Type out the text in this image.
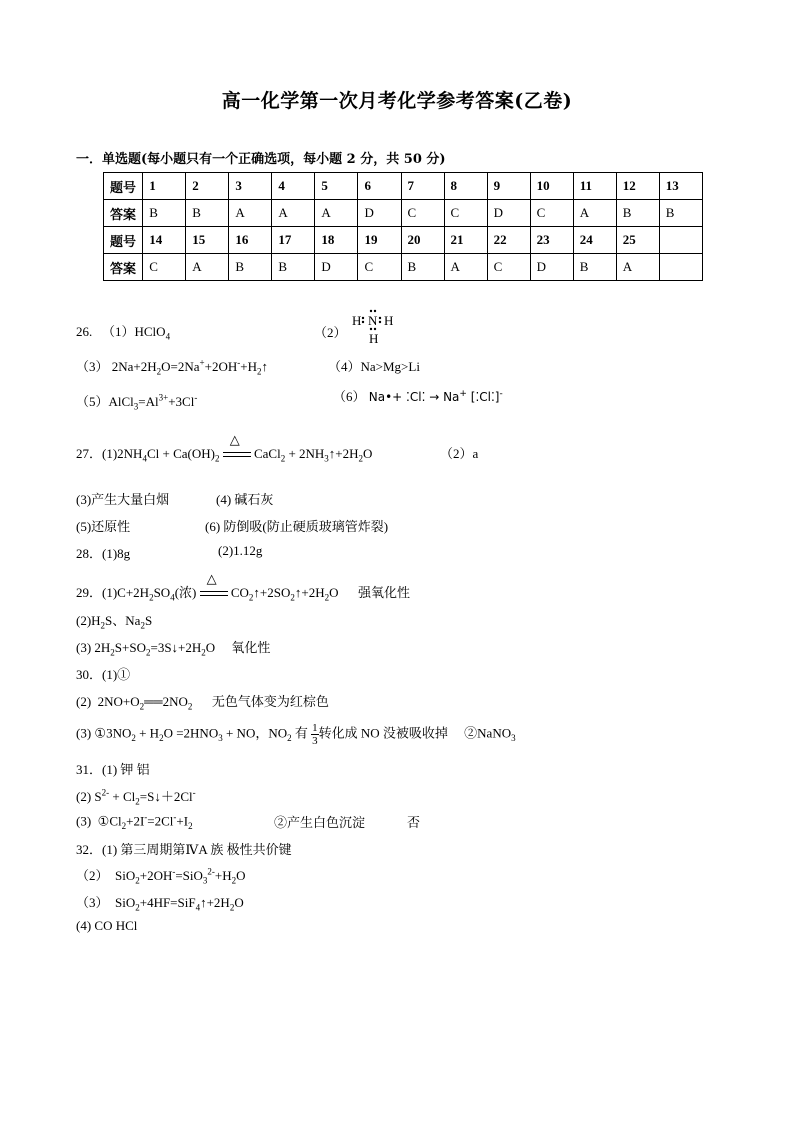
高一化学第一次月考化学参考答案(乙卷)
一．单选题(每小题只有一个正确选项，每小题 2 分，共 50 分)
题号	1	2	3	4	5	6	7	8	9	10	11	12	13
答案	B	B	A	A	A	D	C	C	D	C	A	B	B
题号	14	15	16	17	18	19	20	21	22	23	24	25	
答案	C	A	B	B	D	C	B	A	C	D	B	A	
26. （1）HClO$_4$	（2）
H N H
H
（3） $2Na+2H_2O=2Na^++2OH^-+H_2↑$	（4）Na>Mg>Li
$(5)AlCl_3=Al^{3+}+3Cl^-$	（6） Na•+ ⁚Cl⁚ → Na+ [⁚Cl⁚]-
27．$(1)2NH_4Cl + Ca(OH)_2$
△
CaCl$_2$ + $2NH_3↑+2H_2O$	（2）a
(3)产生大量白烟	(4) 碱石灰
(5)还原性	(6) 防倒吸(防止硬质玻璃管炸裂)
28．(1)8g	(2)1.12g
29．$(1)C+2H_2SO_4$(浓)
△
$CO_2↑+2SO_2↑+2H_2O$      强氧化性
$(2)H_2S$、$Na_2S$
(3) $2H_2S+SO_2=3S↓+2H_2O$     氧化性
30．(1)①
(2)  $2NO+O_2══2NO_2$ 无色气体变为红棕色
(3) $①3NO_2 + H_2O =2HNO_3$ + NO，$NO_2$ 有 $\frac{1}{3}$ 转化成 NO 没被吸收掉 ②NaNO$_3$
31．(1) 钾 铝
(2) $S^{2-}$ + $Cl_2=S↓+2Cl^-$
(3)  $①Cl_2+2I^-=2Cl^-+I_2$	②产生白色沉淀	否
32．(1) 第三周期第ⅣA 族 极性共价键
（2）  $SiO_2+2OH^-=SiO_3^{2-}+H_2O$
（3）  $SiO_2+4HF=SiF_4↑+2H_2O$
(4) CO HCl
